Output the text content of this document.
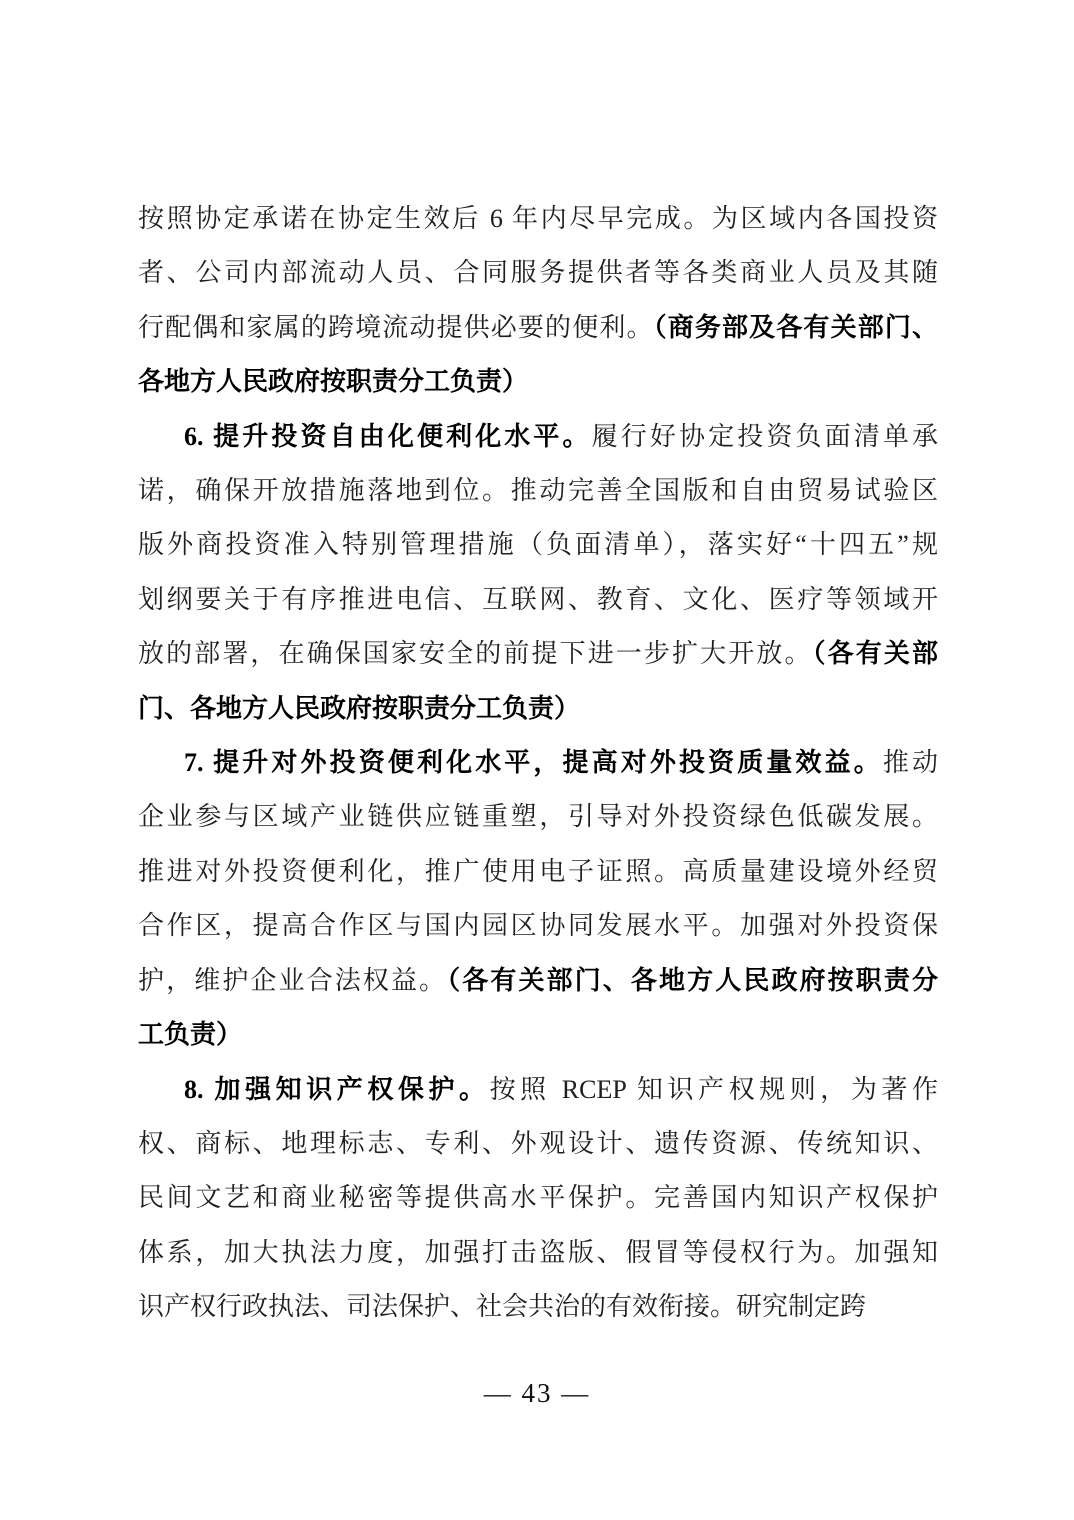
按照协定承诺在协定生效后 6 年内尽早完成。为区域内各国投资
者、公司内部流动人员、合同服务提供者等各类商业人员及其随
行配偶和家属的跨境流动提供必要的便利。（商务部及各有关部门、
各地方人民政府按职责分工负责）
6. 提升投资自由化便利化水平。履行好协定投资负面清单承
诺，确保开放措施落地到位。推动完善全国版和自由贸易试验区
版外商投资准入特别管理措施（负面清单），落实好“十四五”规
划纲要关于有序推进电信、互联网、教育、文化、医疗等领域开
放的部署，在确保国家安全的前提下进一步扩大开放。（各有关部
门、各地方人民政府按职责分工负责）
7. 提升对外投资便利化水平，提高对外投资质量效益。推动
企业参与区域产业链供应链重塑，引导对外投资绿色低碳发展。
推进对外投资便利化，推广使用电子证照。高质量建设境外经贸
合作区，提高合作区与国内园区协同发展水平。加强对外投资保
护，维护企业合法权益。（各有关部门、各地方人民政府按职责分
工负责）
8. 加强知识产权保护。按照 RCEP 知识产权规则，为著作
权、商标、地理标志、专利、外观设计、遗传资源、传统知识、
民间文艺和商业秘密等提供高水平保护。完善国内知识产权保护
体系，加大执法力度，加强打击盗版、假冒等侵权行为。加强知
识产权行政执法、司法保护、社会共治的有效衔接。研究制定跨
— 43 —
